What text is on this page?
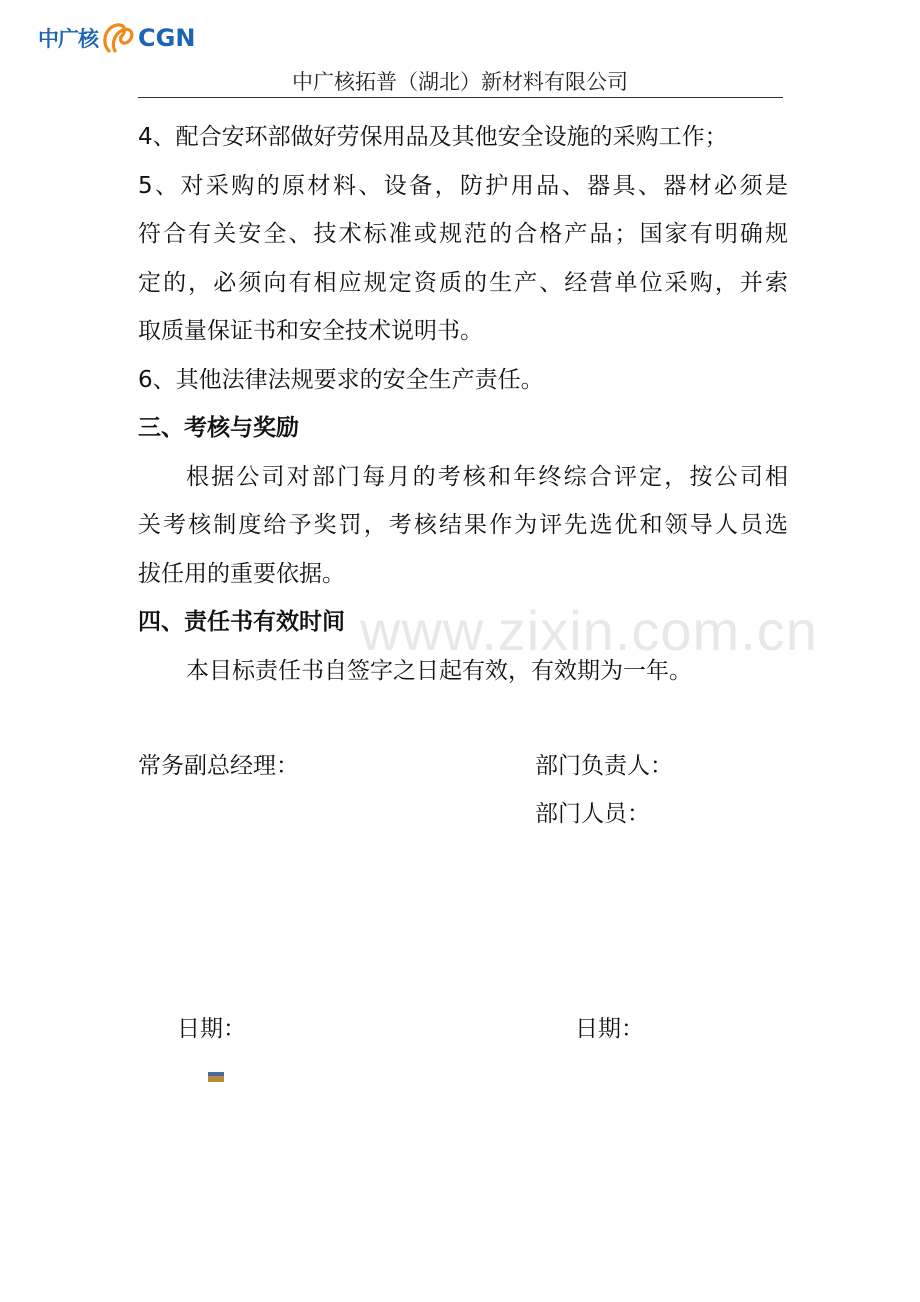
中广核 CGN
中广核拓普（湖北）新材料有限公司
4、配合安环部做好劳保用品及其他安全设施的采购工作；
5、对采购的原材料、设备，防护用品、器具、器材必须是
符合有关安全、技术标准或规范的合格产品；国家有明确规
定的，必须向有相应规定资质的生产、经营单位采购，并索
取质量保证书和安全技术说明书。
6、其他法律法规要求的安全生产责任。
三、考核与奖励
根据公司对部门每月的考核和年终综合评定，按公司相
关考核制度给予奖罚，考核结果作为评先选优和领导人员选
拔任用的重要依据。
四、责任书有效时间
本目标责任书自签字之日起有效，有效期为一年。
www.zixin.com.cn
常务副总经理：	部门负责人：
部门人员：
日期：	日期：
